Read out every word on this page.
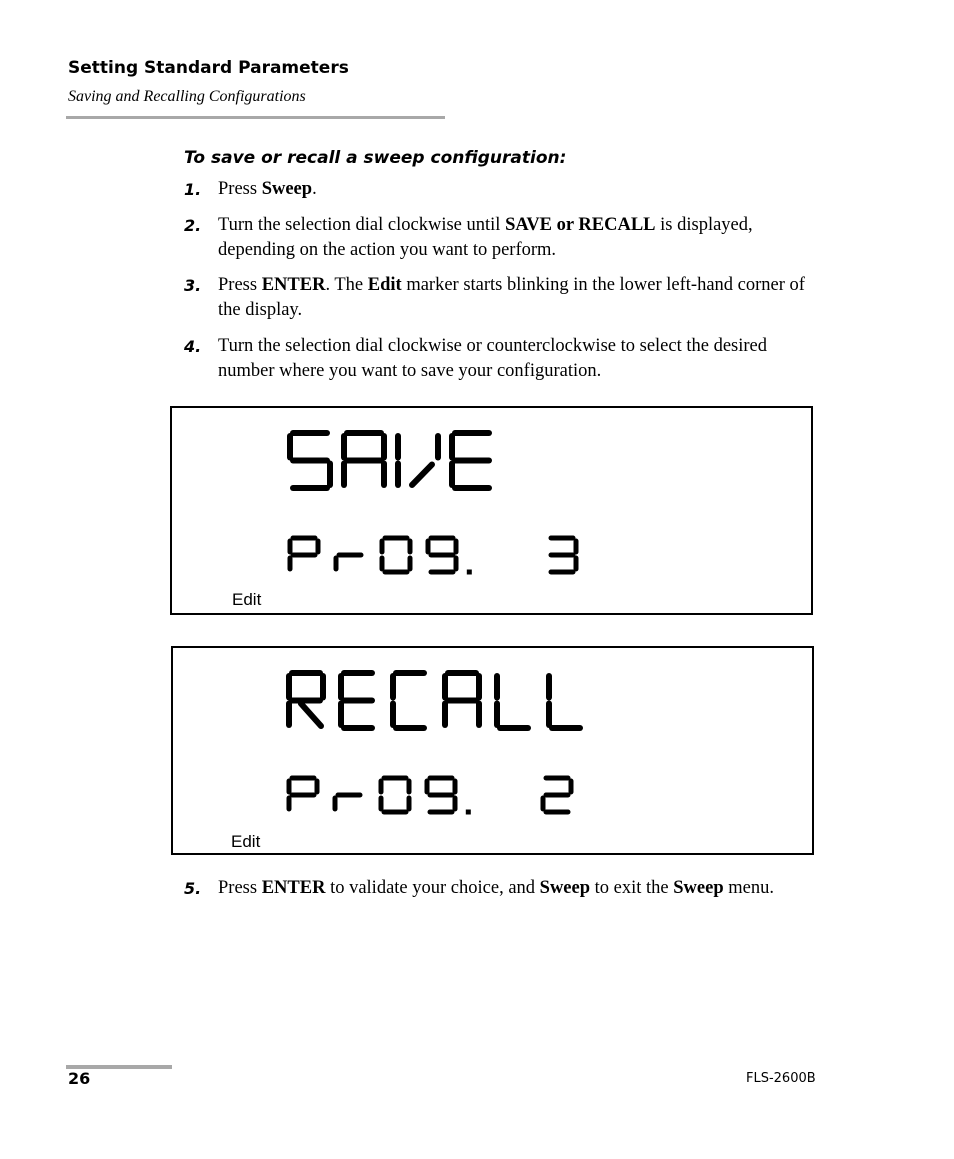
Setting Standard Parameters
Saving and Recalling Configurations
To save or recall a sweep configuration:
1. Press Sweep.
2. Turn the selection dial clockwise until SAVE or RECALL is displayed, depending on the action you want to perform.
3. Press ENTER. The Edit marker starts blinking in the lower left-hand corner of the display.
4. Turn the selection dial clockwise or counterclockwise to select the desired number where you want to save your configuration.
Edit
Edit
5. Press ENTER to validate your choice, and Sweep to exit the Sweep menu.
26	FLS-2600B
